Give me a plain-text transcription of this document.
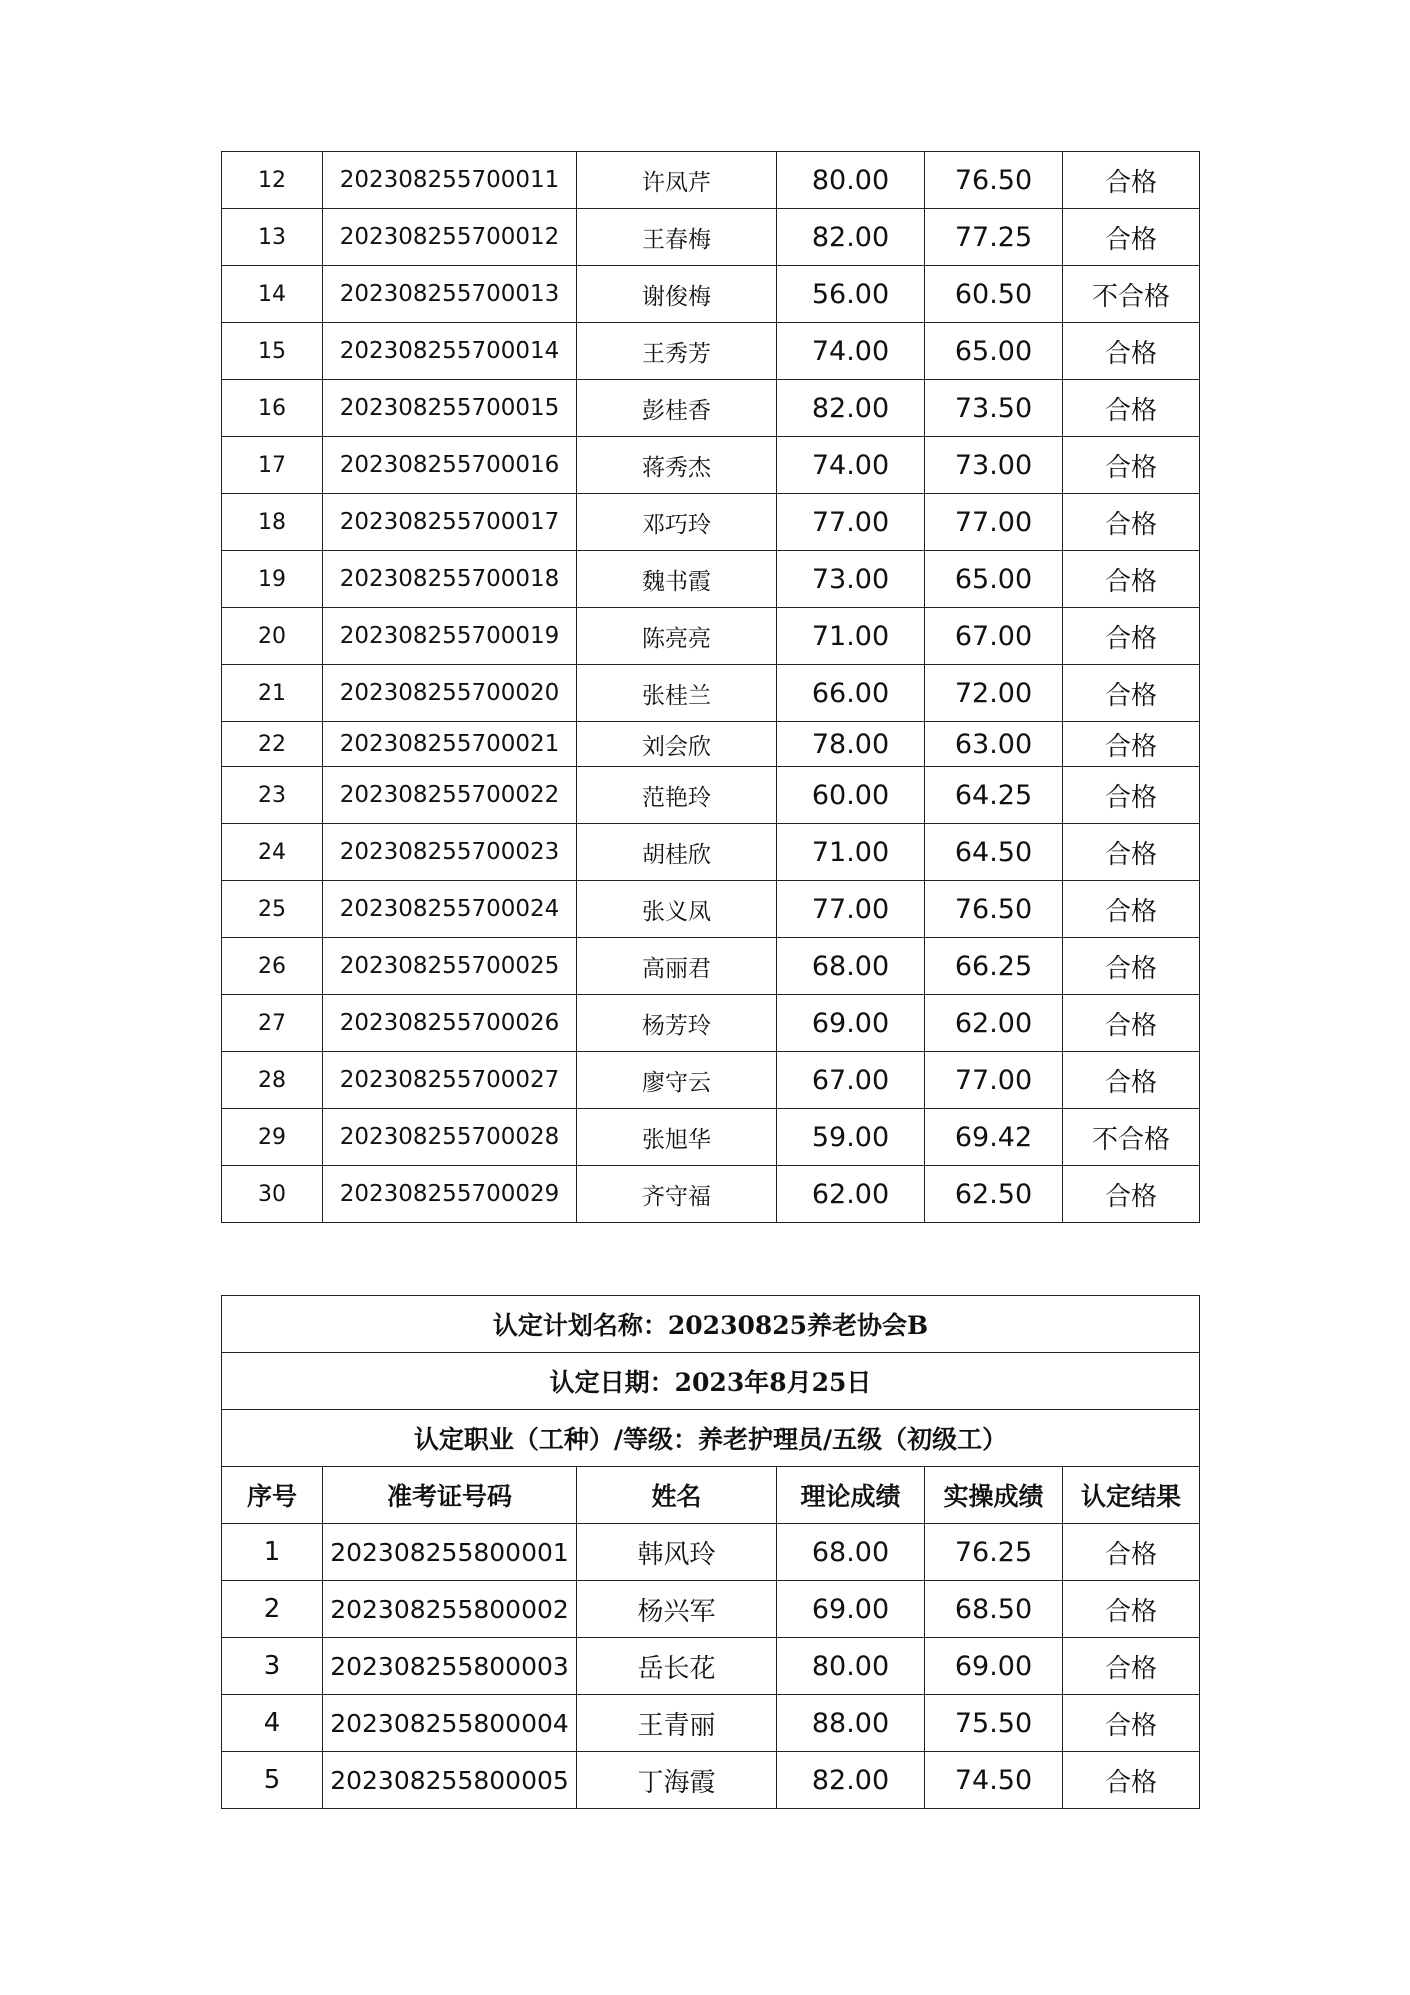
12	202308255700011	许凤芹	80.00	76.50	合格
13	202308255700012	王春梅	82.00	77.25	合格
14	202308255700013	谢俊梅	56.00	60.50	不合格
15	202308255700014	王秀芳	74.00	65.00	合格
16	202308255700015	彭桂香	82.00	73.50	合格
17	202308255700016	蒋秀杰	74.00	73.00	合格
18	202308255700017	邓巧玲	77.00	77.00	合格
19	202308255700018	魏书霞	73.00	65.00	合格
20	202308255700019	陈亮亮	71.00	67.00	合格
21	202308255700020	张桂兰	66.00	72.00	合格
22	202308255700021	刘会欣	78.00	63.00	合格
23	202308255700022	范艳玲	60.00	64.25	合格
24	202308255700023	胡桂欣	71.00	64.50	合格
25	202308255700024	张义凤	77.00	76.50	合格
26	202308255700025	高丽君	68.00	66.25	合格
27	202308255700026	杨芳玲	69.00	62.00	合格
28	202308255700027	廖守云	67.00	77.00	合格
29	202308255700028	张旭华	59.00	69.42	不合格
30	202308255700029	齐守福	62.00	62.50	合格
认定计划名称：20230825养老协会B					
认定日期：2023年8月25日					
认定职业（工种）/等级：养老护理员/五级（初级工）					
序号	准考证号码	姓名	理论成绩	实操成绩	认定结果
1	202308255800001	韩风玲	68.00	76.25	合格
2	202308255800002	杨兴军	69.00	68.50	合格
3	202308255800003	岳长花	80.00	69.00	合格
4	202308255800004	王青丽	88.00	75.50	合格
5	202308255800005	丁海霞	82.00	74.50	合格
